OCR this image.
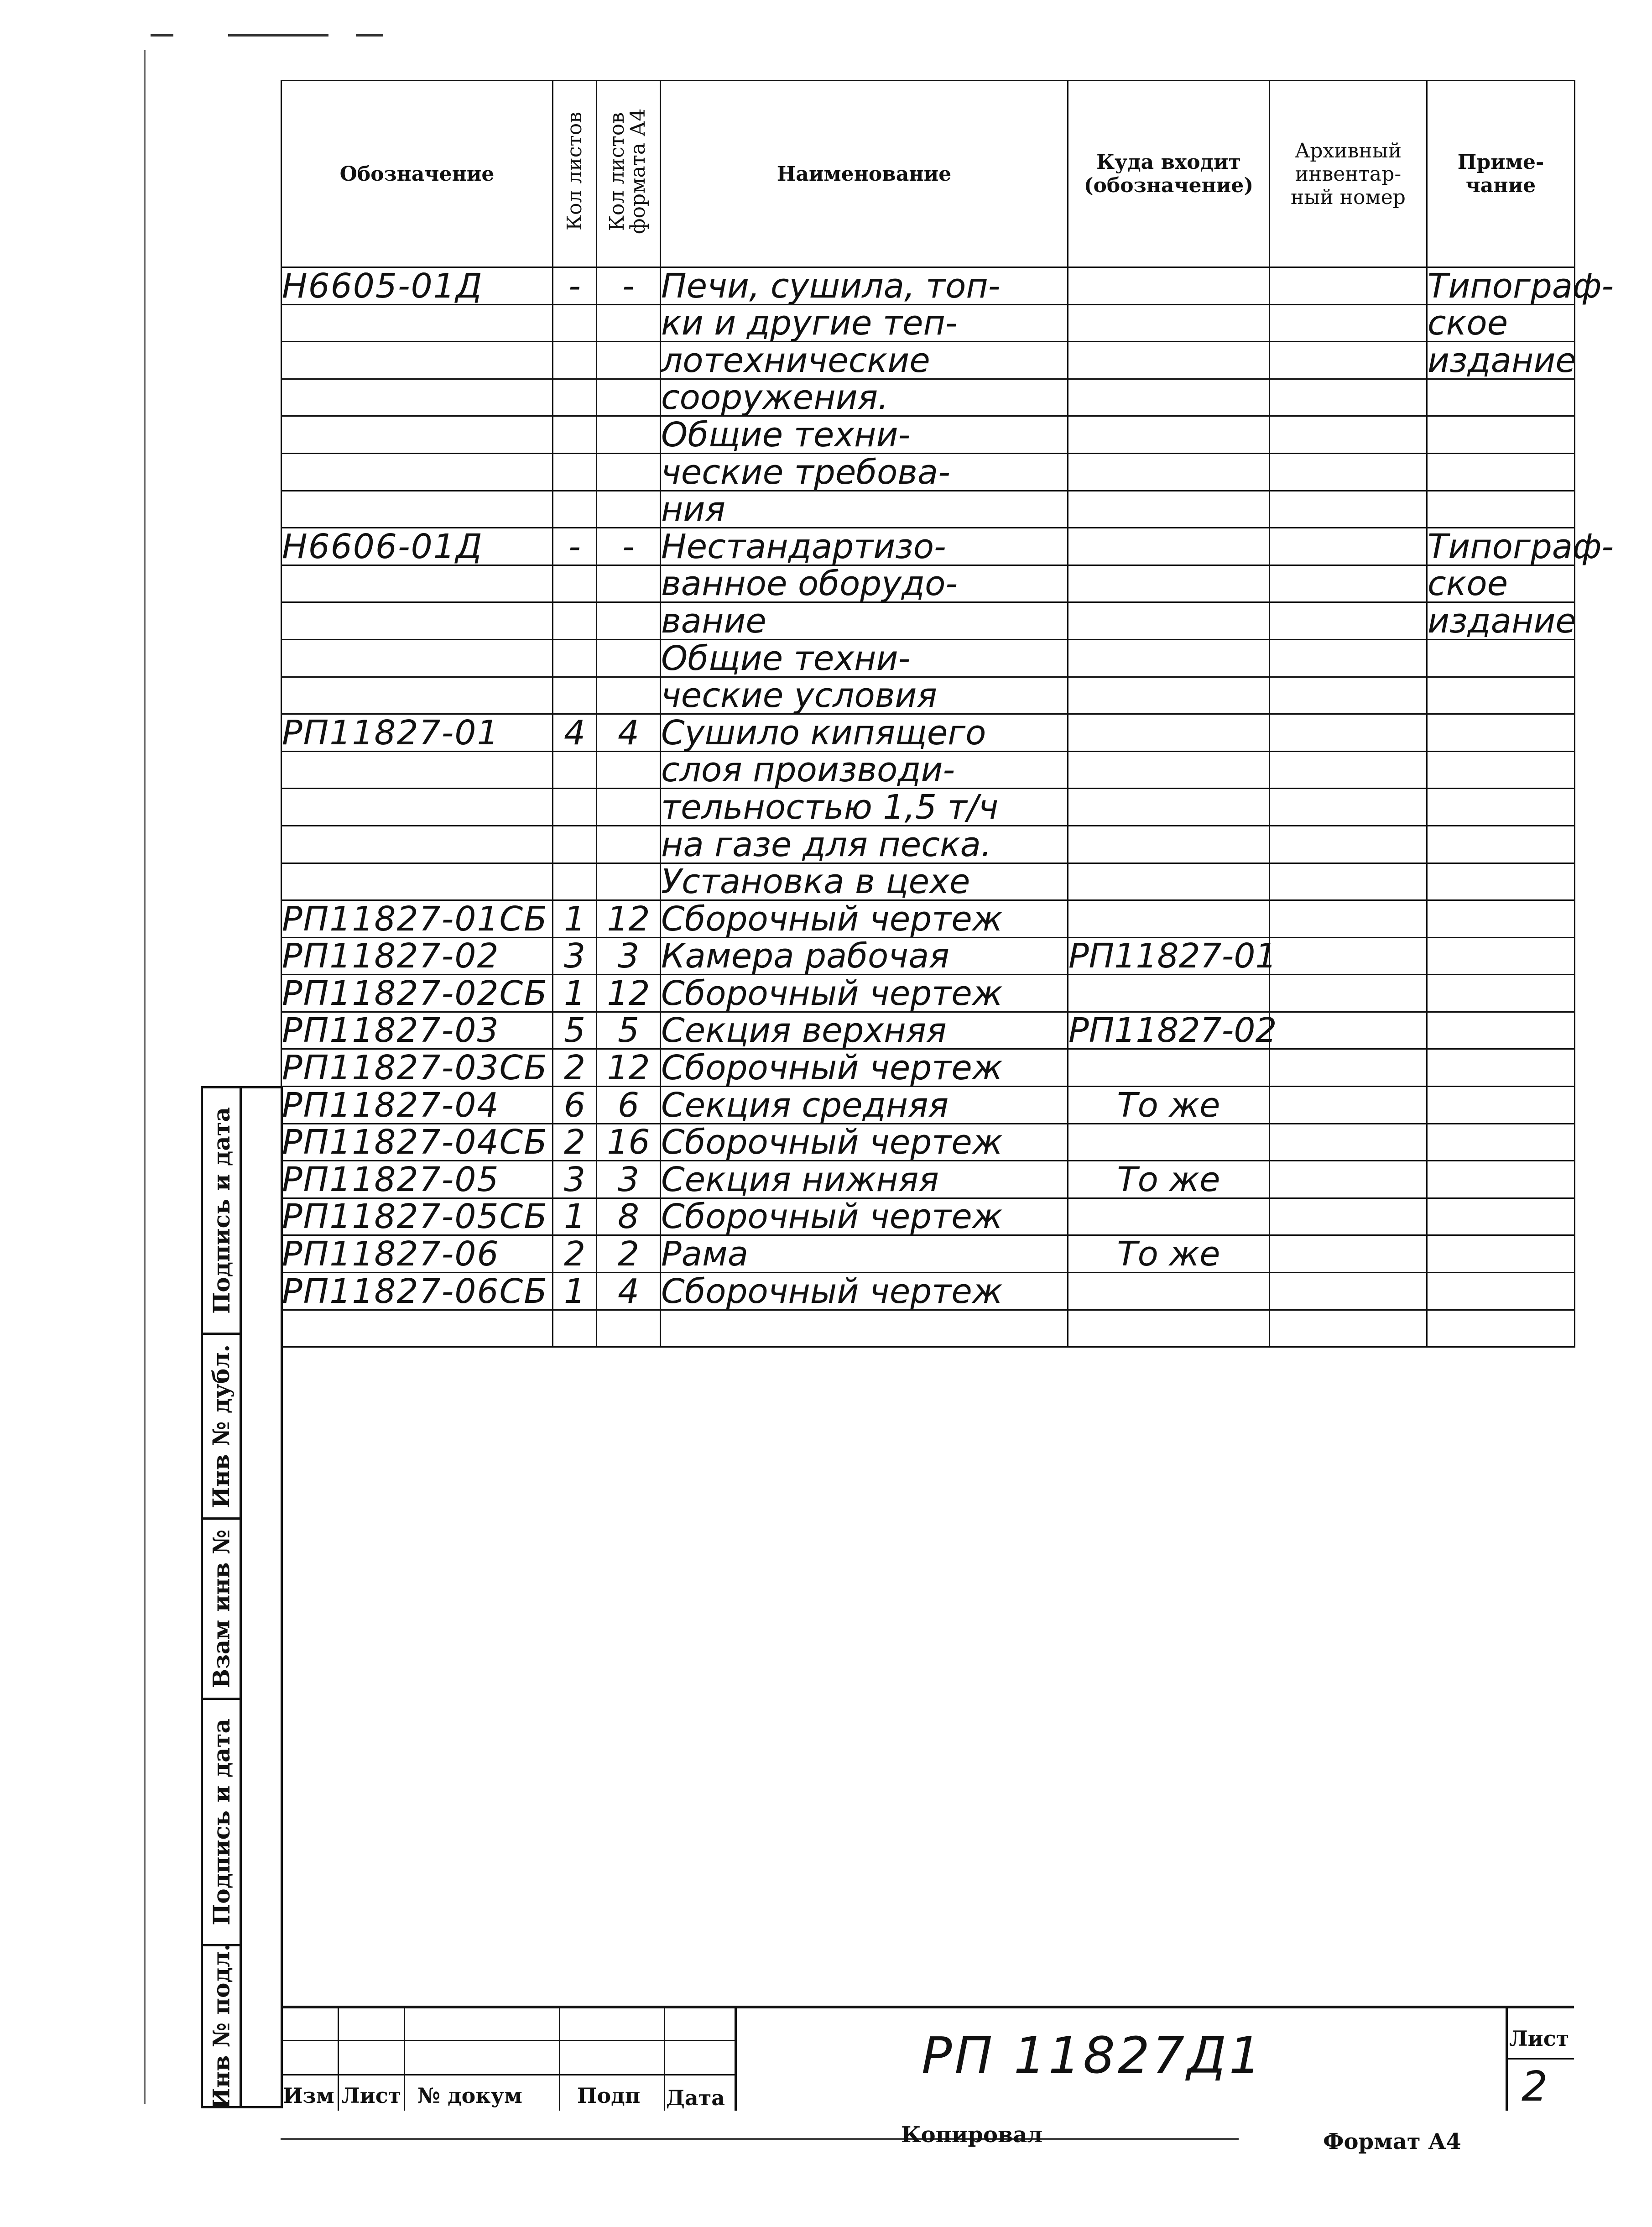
Обозначение	Кол листов	Кол листов формата А4	Наименование	Куда входит (обозначение)	Архивный инвентар- ный номер	Приме- чание
Н6605-01Д	-	-	Печи, сушила, топ-			Типограф-
			ки и другие теп-			ское
			лотехнические			издание
			сооружения.			
			Общие техни-			
			ческие требова-			
			ния			
Н6606-01Д	-	-	Нестандартизо-			Типограф-
			ванное оборудо-			ское
			вание			издание
			Общие техни-			
			ческие условия			
РП11827-01	4	4	Сушило кипящего			
			слоя производи-			
			тельностью 1,5 т/ч			
			на газе для песка.			
			Установка в цехе			
РП11827-01СБ	1	12	Сборочный чертеж			
РП11827-02	3	3	Камера рабочая	РП11827-01		
РП11827-02СБ	1	12	Сборочный чертеж			
РП11827-03	5	5	Секция верхняя	РП11827-02		
РП11827-03СБ	2	12	Сборочный чертеж			
РП11827-04	6	6	Секция средняя	То же		
РП11827-04СБ	2	16	Сборочный чертеж			
РП11827-05	3	3	Секция нижняя	То же		
РП11827-05СБ	1	8	Сборочный чертеж			
РП11827-06	2	2	Рама	То же		
РП11827-06СБ	1	4	Сборочный чертеж			

Подпись и дата
Инв № дубл.
Взам инв №
Подпись и дата
Инв № подл. Изм Лист № докум	Подп Дата
РП 11827Д1	Лист
2
Копировал	Формат А4
